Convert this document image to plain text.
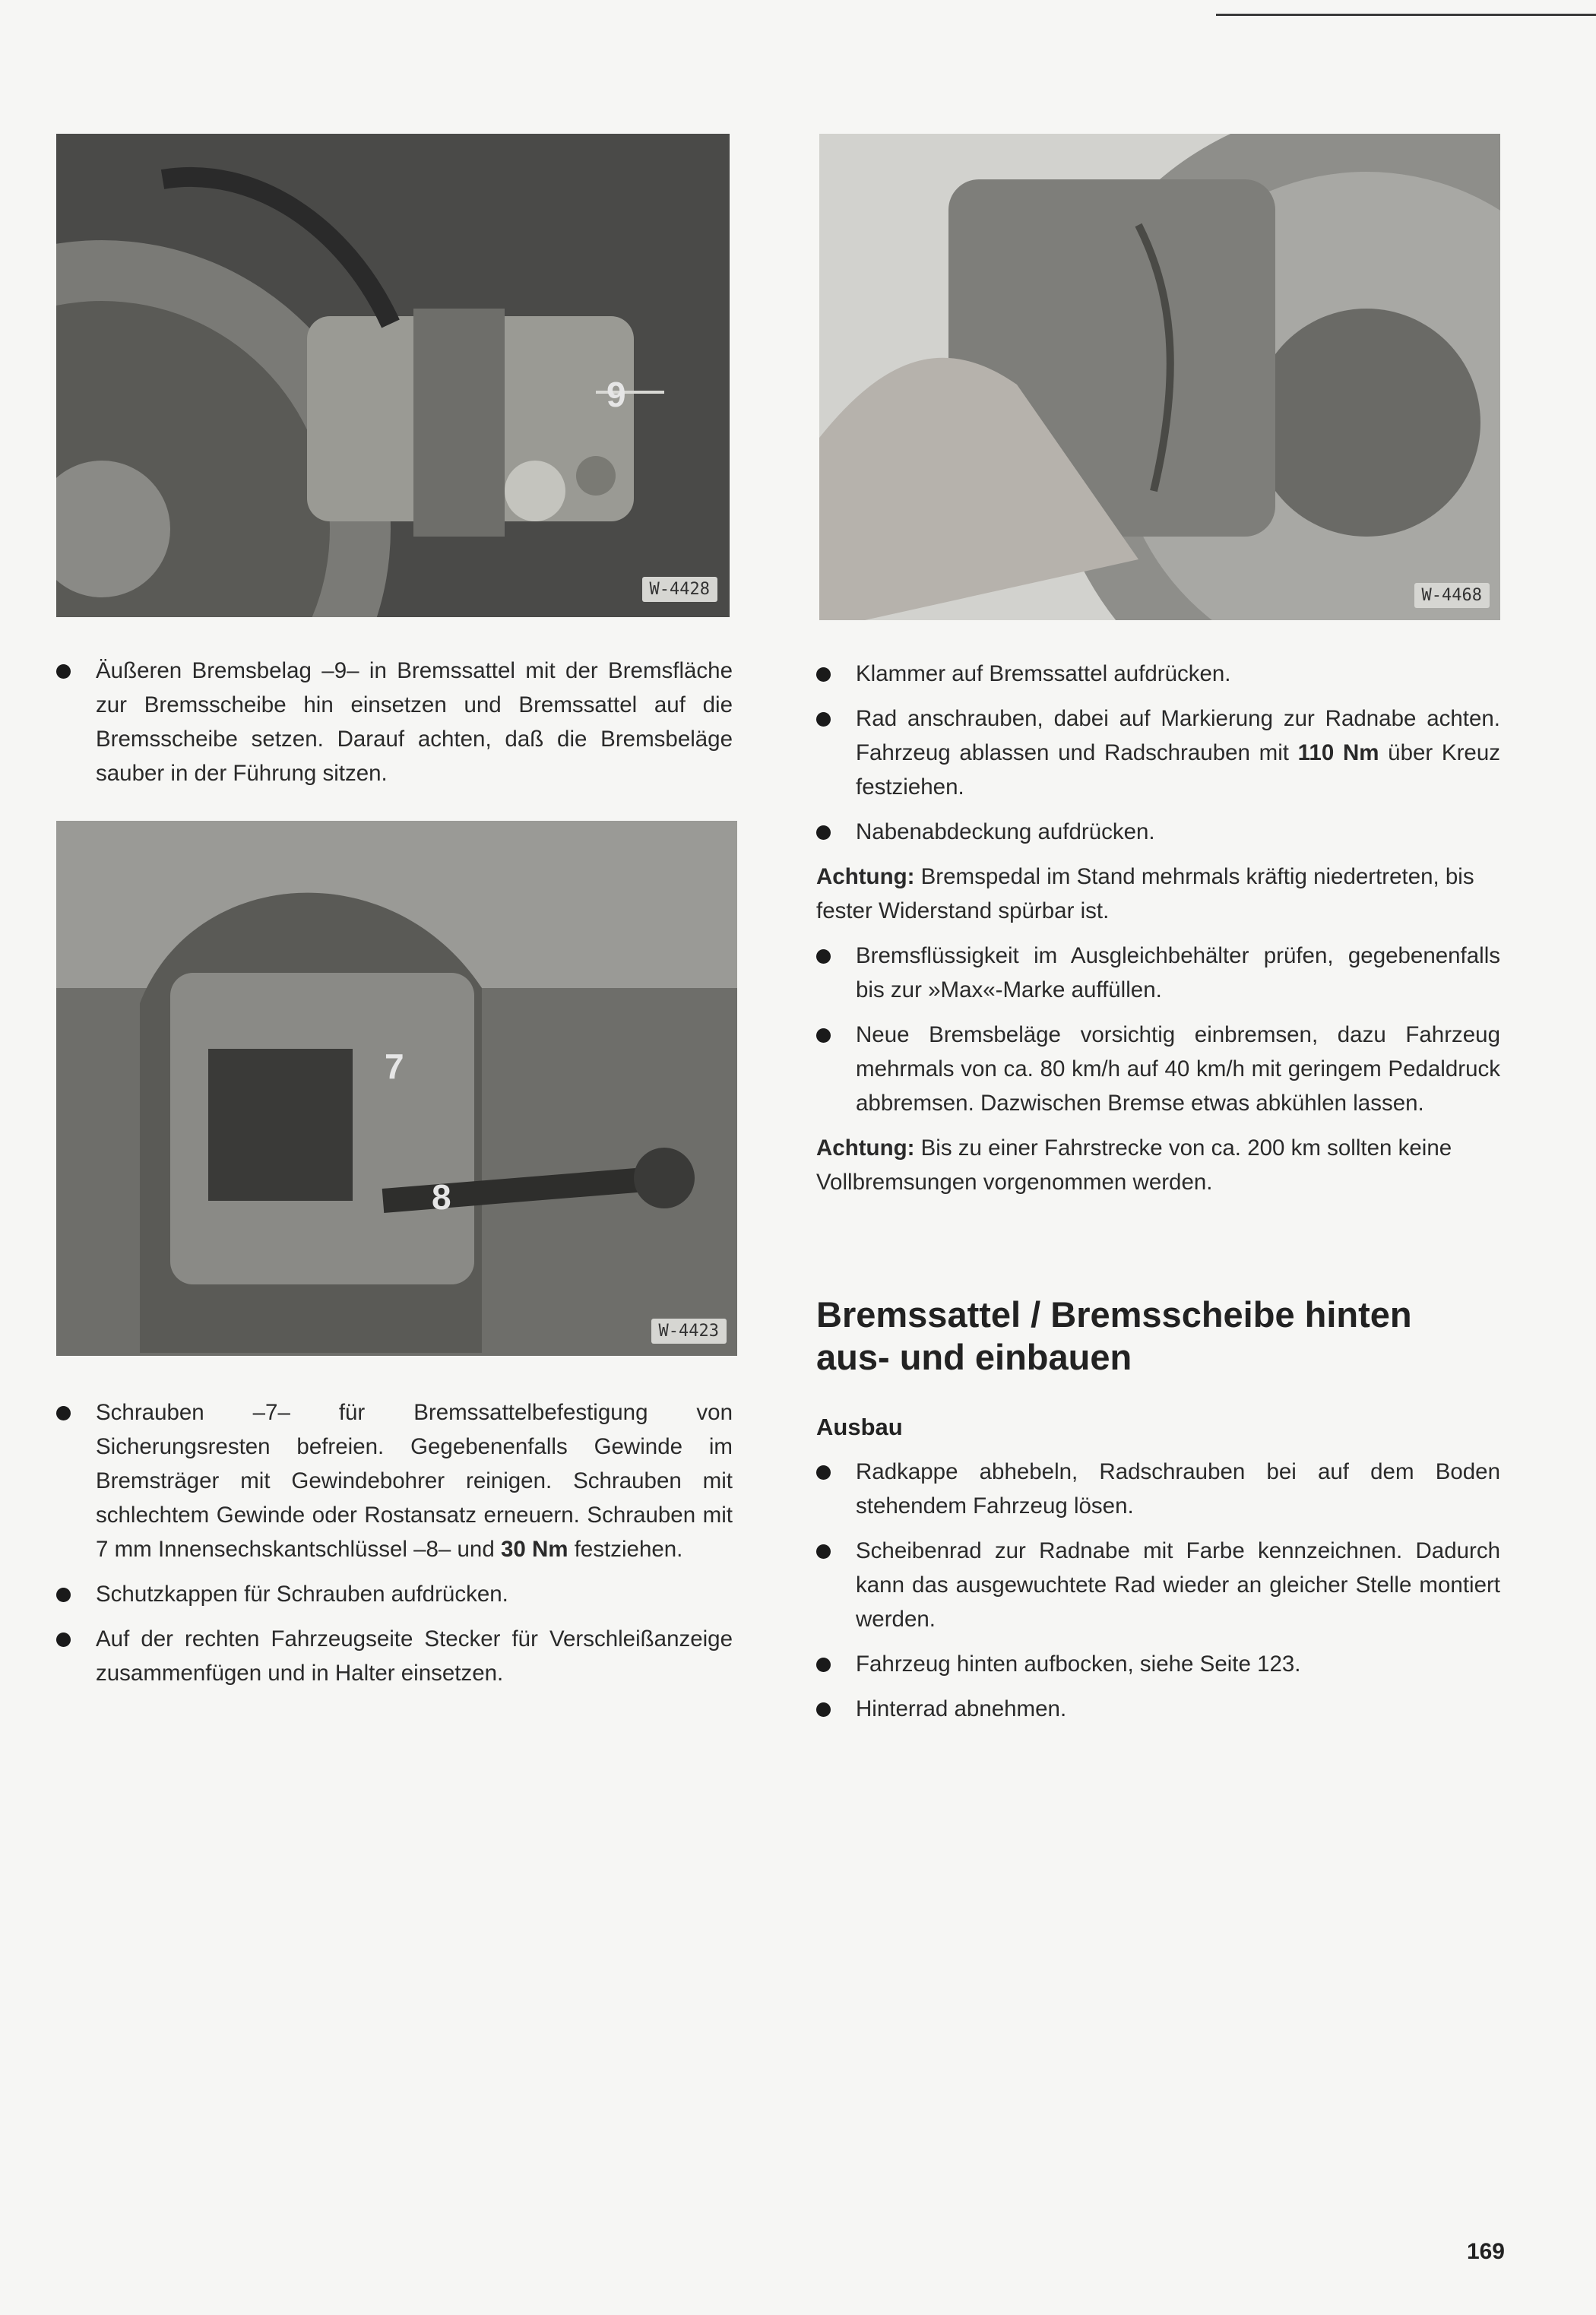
9
W-4428	W-4468
7
8
W-4423
Äußeren Bremsbelag –9– in Bremssattel mit der Bremsfläche zur Bremsscheibe hin einsetzen und Bremssattel auf die Bremsscheibe setzen. Darauf achten, daß die Bremsbeläge sauber in der Führung sitzen.
Schrauben –7– für Bremssattelbefestigung von Sicherungsresten befreien. Gegebenenfalls Gewinde im Bremsträger mit Gewindebohrer reinigen. Schrauben mit schlechtem Gewinde oder Rostansatz erneuern. Schrauben mit 7 mm Innensechskantschlüssel –8– und 30 Nm festziehen.
Schutzkappen für Schrauben aufdrücken.
Auf der rechten Fahrzeugseite Stecker für Verschleißanzeige zusammenfügen und in Halter einsetzen.
Klammer auf Bremssattel aufdrücken.
Rad anschrauben, dabei auf Markierung zur Radnabe achten. Fahrzeug ablassen und Radschrauben mit 110 Nm über Kreuz festziehen.
Nabenabdeckung aufdrücken.
Achtung: Bremspedal im Stand mehrmals kräftig niedertreten, bis fester Widerstand spürbar ist.
Bremsflüssigkeit im Ausgleichbehälter prüfen, gegebenenfalls bis zur »Max«-Marke auffüllen.
Neue Bremsbeläge vorsichtig einbremsen, dazu Fahrzeug mehrmals von ca. 80 km/h auf 40 km/h mit geringem Pedaldruck abbremsen. Dazwischen Bremse etwas abkühlen lassen.
Achtung: Bis zu einer Fahrstrecke von ca. 200 km sollten keine Vollbremsungen vorgenommen werden.
Bremssattel / Bremsscheibe hinten aus- und einbauen
Ausbau
Radkappe abhebeln, Radschrauben bei auf dem Boden stehendem Fahrzeug lösen.
Scheibenrad zur Radnabe mit Farbe kennzeichnen. Dadurch kann das ausgewuchtete Rad wieder an gleicher Stelle montiert werden.
Fahrzeug hinten aufbocken, siehe Seite 123.
Hinterrad abnehmen.
169
